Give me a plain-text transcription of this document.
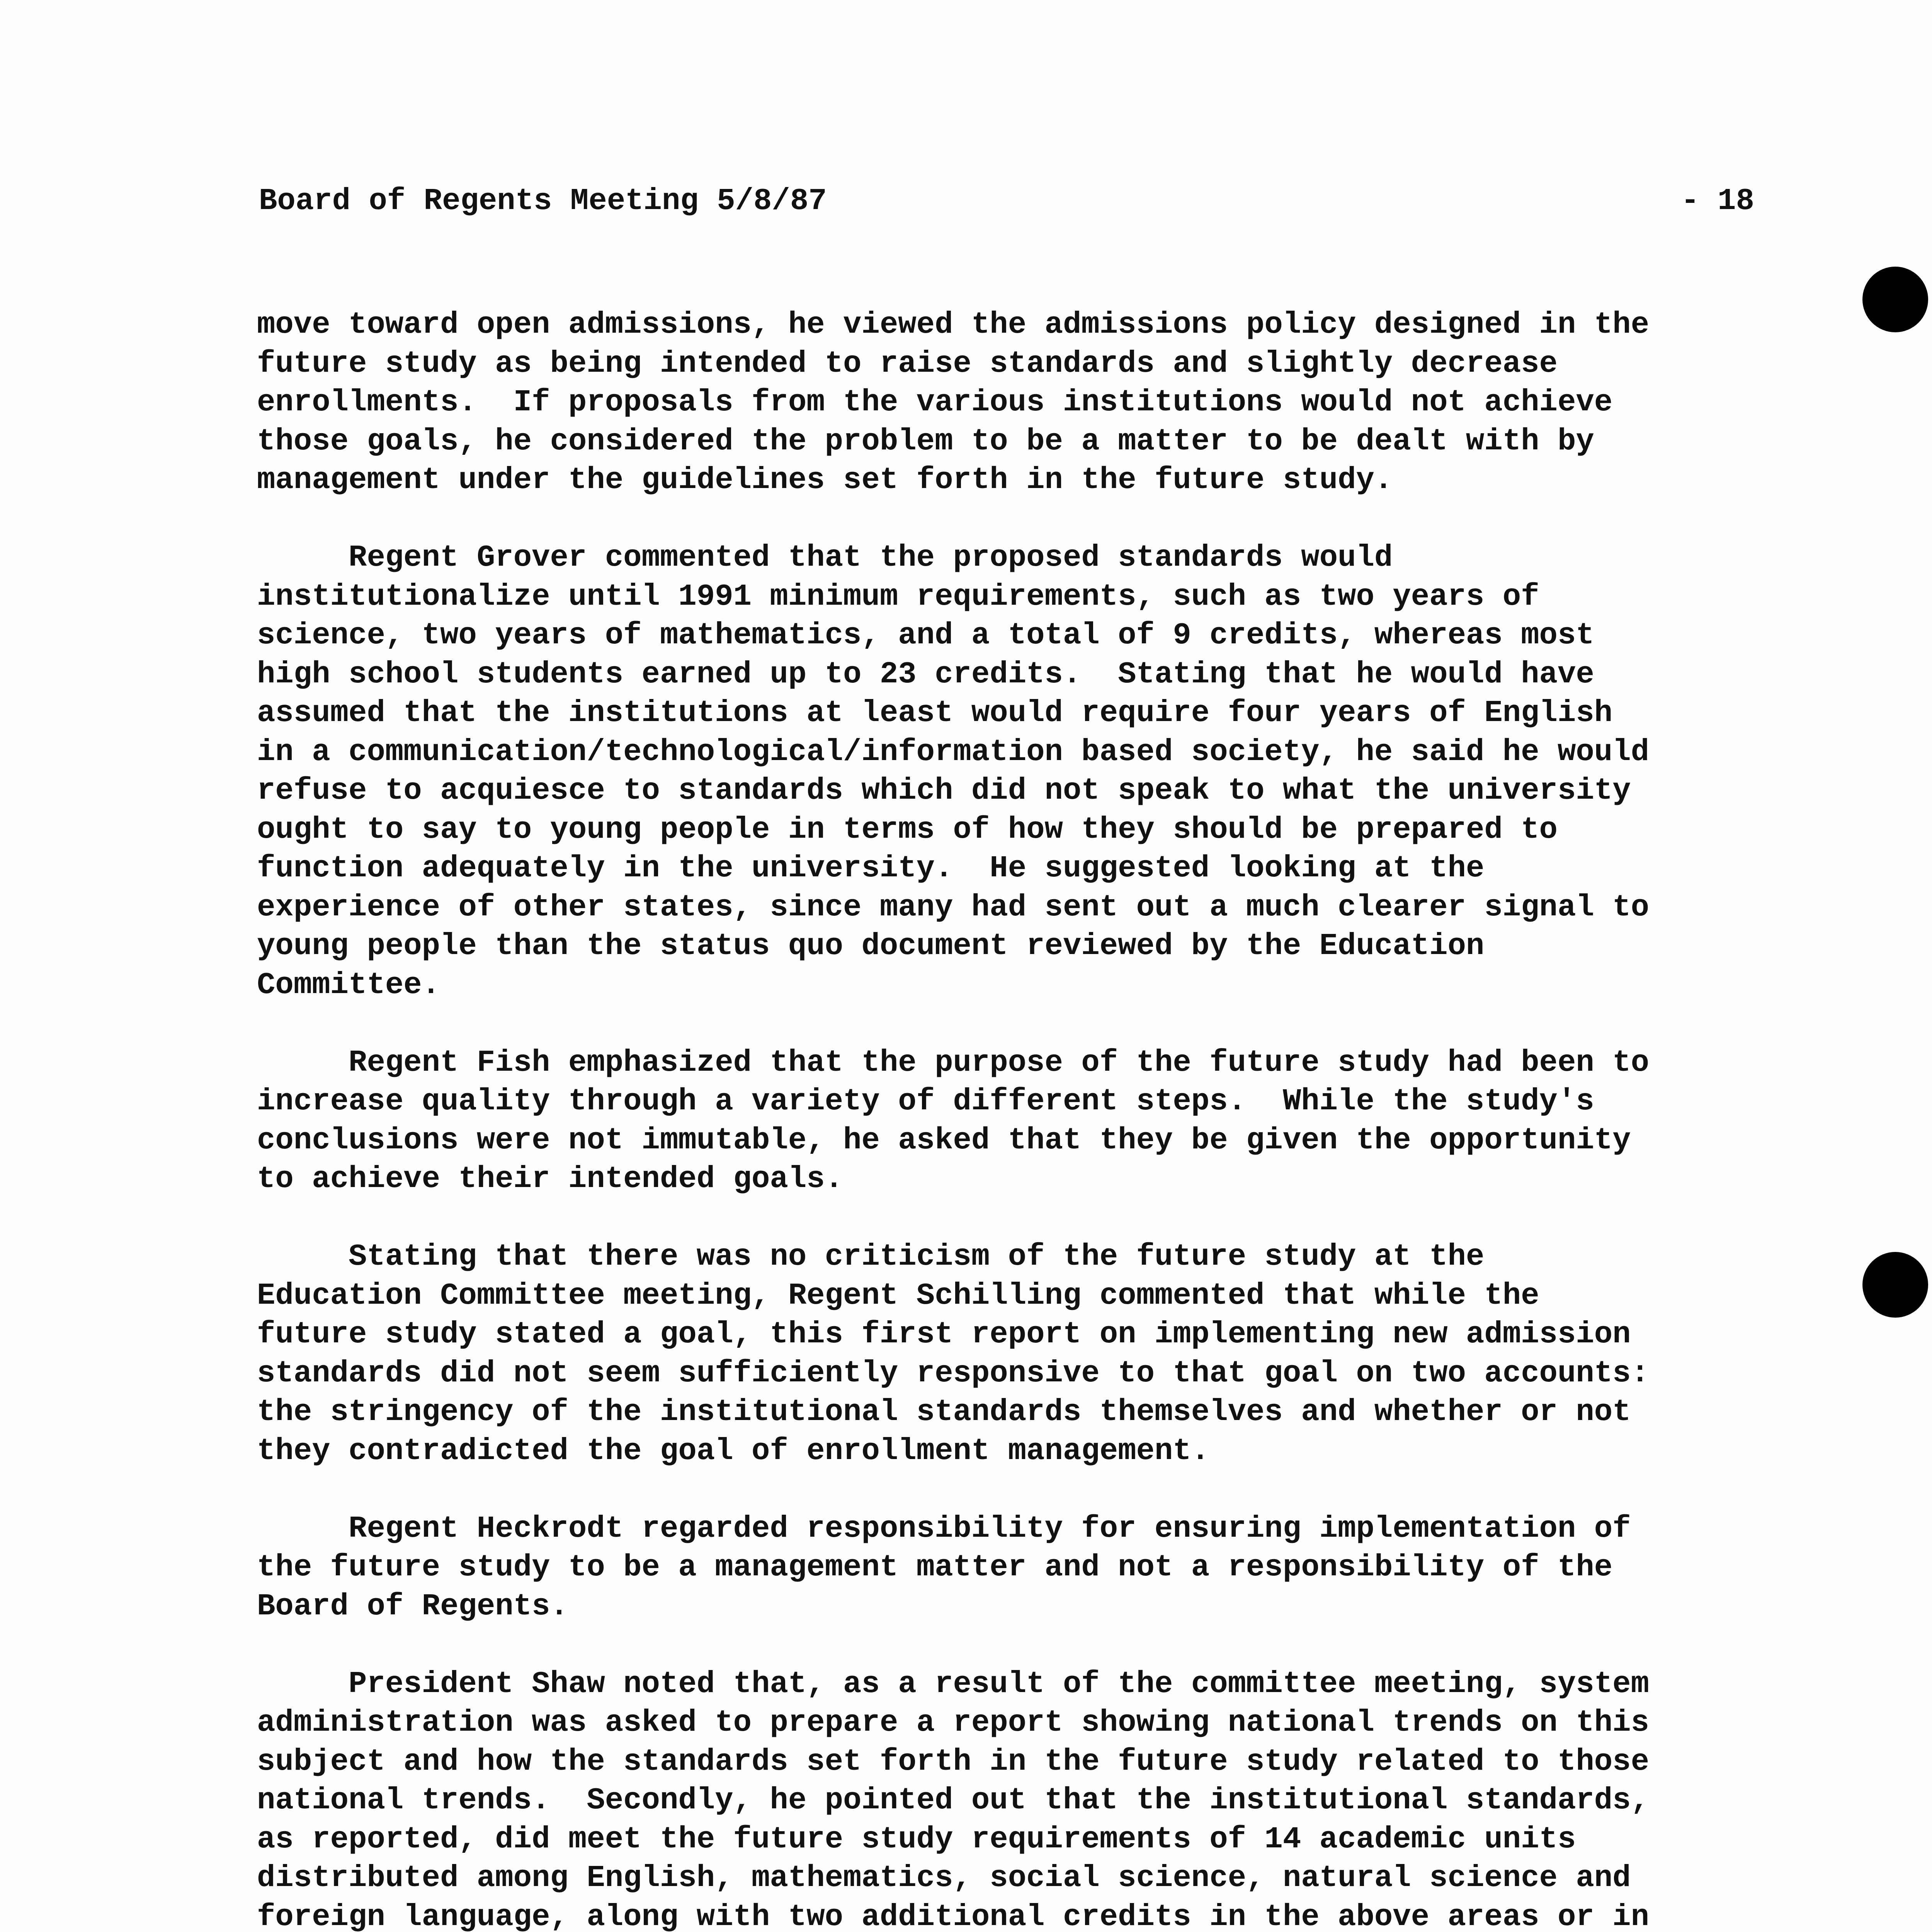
Board of Regents Meeting 5/8/87	- 18
move toward open admissions, he viewed the admissions policy designed in the
future study as being intended to raise standards and slightly decrease
enrollments.  If proposals from the various institutions would not achieve
those goals, he considered the problem to be a matter to be dealt with by
management under the guidelines set forth in the future study.
Regent Grover commented that the proposed standards would
institutionalize until 1991 minimum requirements, such as two years of
science, two years of mathematics, and a total of 9 credits, whereas most
high school students earned up to 23 credits.  Stating that he would have
assumed that the institutions at least would require four years of English
in a communication/technological/information based society, he said he would
refuse to acquiesce to standards which did not speak to what the university
ought to say to young people in terms of how they should be prepared to
function adequately in the university.  He suggested looking at the
experience of other states, since many had sent out a much clearer signal to
young people than the status quo document reviewed by the Education
Committee.
Regent Fish emphasized that the purpose of the future study had been to
increase quality through a variety of different steps.  While the study's
conclusions were not immutable, he asked that they be given the opportunity
to achieve their intended goals.
Stating that there was no criticism of the future study at the
Education Committee meeting, Regent Schilling commented that while the
future study stated a goal, this first report on implementing new admission
standards did not seem sufficiently responsive to that goal on two accounts:
the stringency of the institutional standards themselves and whether or not
they contradicted the goal of enrollment management.
Regent Heckrodt regarded responsibility for ensuring implementation of
the future study to be a management matter and not a responsibility of the
Board of Regents.
President Shaw noted that, as a result of the committee meeting, system
administration was asked to prepare a report showing national trends on this
subject and how the standards set forth in the future study related to those
national trends.  Secondly, he pointed out that the institutional standards,
as reported, did meet the future study requirements of 14 academic units
distributed among English, mathematics, social science, natural science and
foreign language, along with two additional credits in the above areas or in
